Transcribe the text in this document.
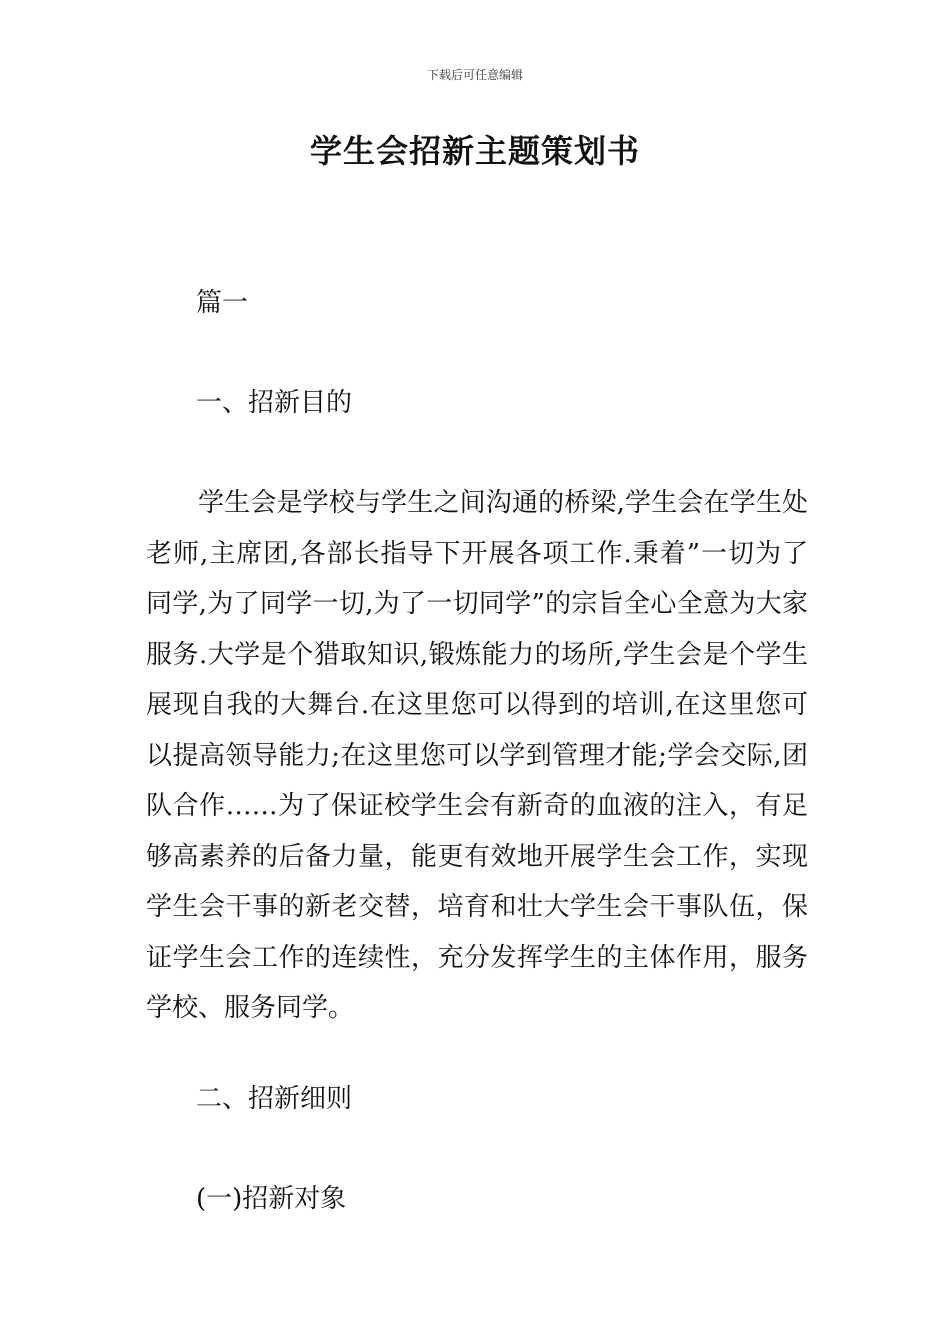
下载后可任意编辑
学生会招新主题策划书
篇一
一、招新目的

学生会是学校与学生之间沟通的桥梁,学生会在学生处老师,主席团,各部长指导下开展各项工作.秉着”一切为了同学,为了同学一切,为了一切同学”的宗旨全心全意为大家服务.大学是个猎取知识,锻炼能力的场所,学生会是个学生展现自我的大舞台.在这里您可以得到的培训,在这里您可以提高领导能力;在这里您可以学到管理才能;学会交际,团队合作……为了保证校学生会有新奇的血液的注入，有足够高素养的后备力量，能更有效地开展学生会工作，实现学生会干事的新老交替，培育和壮大学生会干事队伍，保证学生会工作的连续性，充分发挥学生的主体作用，服务学校、服务同学。

二、招新细则
(一)招新对象
